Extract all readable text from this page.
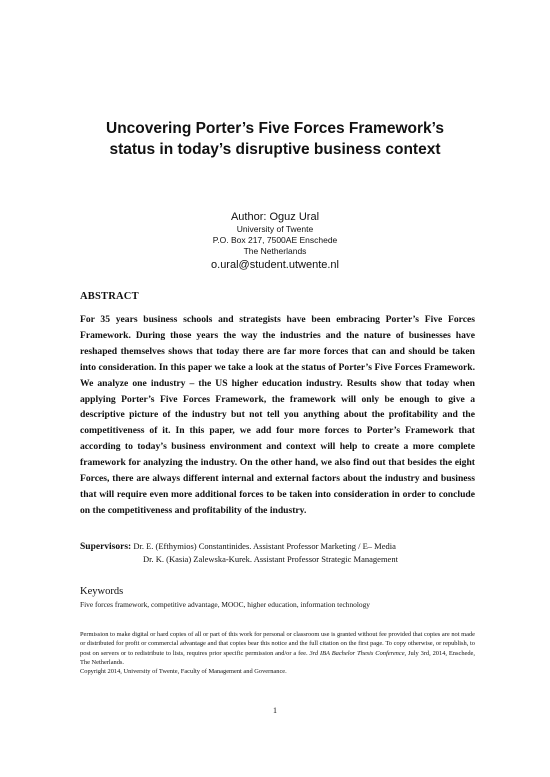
Uncovering Porter’s Five Forces Framework’s
status in today’s disruptive business context
Author: Oguz Ural
University of Twente
P.O. Box 217, 7500AE Enschede
The Netherlands
o.ural@student.utwente.nl
ABSTRACT
For 35 years business schools and strategists have been embracing Porter’s Five Forces Framework. During those years the way the industries and the nature of businesses have reshaped themselves shows that today there are far more forces that can and should be taken into consideration. In this paper we take a look at the status of Porter’s Five Forces Framework. We analyze one industry – the US higher education industry. Results show that today when applying Porter’s Five Forces Framework, the framework will only be enough to give a descriptive picture of the industry but not tell you anything about the profitability and the competitiveness of it. In this paper, we add four more forces to Porter’s Framework that according to today’s business environment and context will help to create a more complete framework for analyzing the industry. On the other hand, we also find out that besides the eight Forces, there are always different internal and external factors about the industry and business that will require even more additional forces to be taken into consideration in order to conclude on the competitiveness and profitability of the industry.
Supervisors: Dr. E. (Efthymios) Constantinides. Assistant Professor Marketing / E– Media
Dr. K. (Kasia) Zalewska-Kurek. Assistant Professor Strategic Management
Keywords
Five forces framework, competitive advantage, MOOC, higher education, information technology
Permission to make digital or hard copies of all or part of this work for personal or classroom use is granted without fee provided that copies are not made or distributed for profit or commercial advantage and that copies bear this notice and the full citation on the first page. To copy otherwise, or republish, to post on servers or to redistribute to lists, requires prior specific permission and/or a fee. 3rd IBA Bachelor Thesis Conference, July 3rd, 2014, Enschede, The Netherlands.
Copyright 2014, University of Twente, Faculty of Management and Governance.
1
